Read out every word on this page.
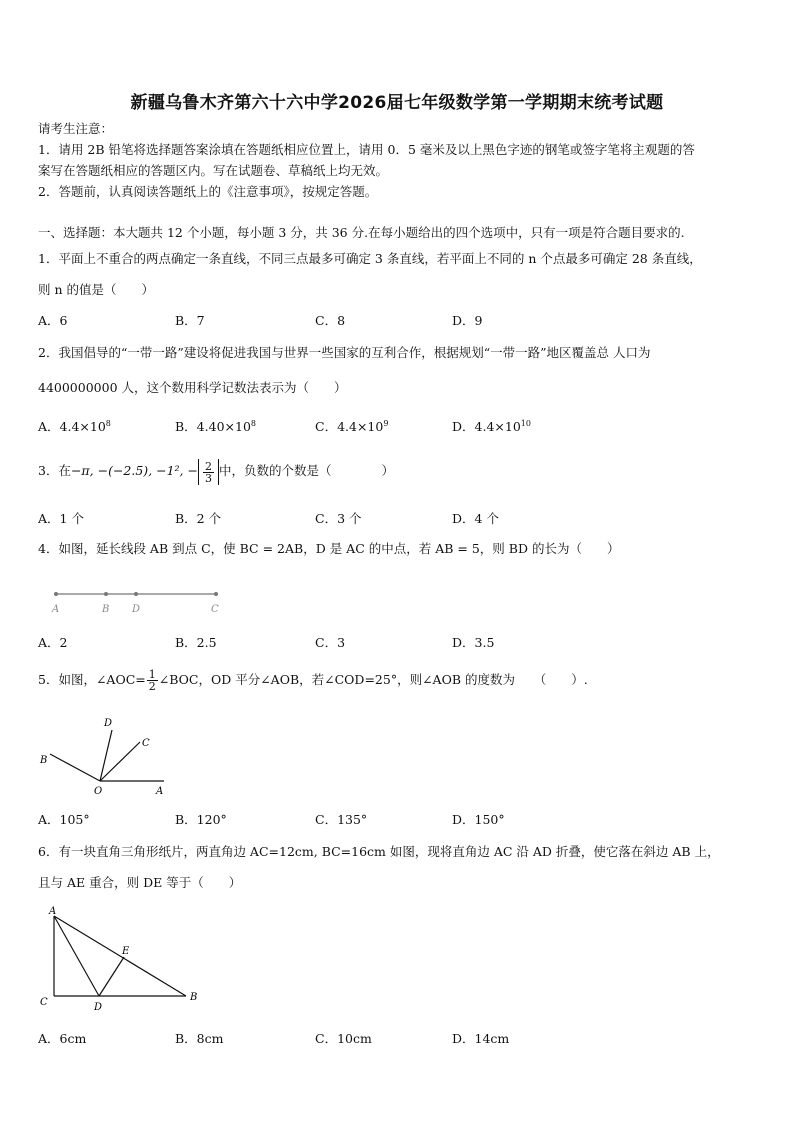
新疆乌鲁木齐第六十六中学2026届七年级数学第一学期期末统考试题
请考生注意：
1．请用 2B 铅笔将选择题答案涂填在答题纸相应位置上，请用 0．5 毫米及以上黑色字迹的钢笔或签字笔将主观题的答
案写在答题纸相应的答题区内。写在试题卷、草稿纸上均无效。
2．答题前，认真阅读答题纸上的《注意事项》，按规定答题。
一、选择题：本大题共 12 个小题，每小题 3 分，共 36 分.在每小题给出的四个选项中，只有一项是符合题目要求的.
1．平面上不重合的两点确定一条直线，不同三点最多可确定 3 条直线，若平面上不同的 n 个点最多可确定 28 条直线，
则 n 的值是（　　）
A．6	B．7	C．8	D．9
2．我国倡导的“一带一路”建设将促进我国与世界一些国家的互利合作，根据规划“一带一路”地区覆盖总 人口为
4400000000 人，这个数用科学记数法表示为（　　）
A．$4.4\times 10^8$	B．$4.40\times 10^8$	C．$4.4\times 10^9$	D．$4.4\times 10^{10}$
3．在−π, −(−2.5), −1², − $\frac{2}{3}$ 中，负数的个数是（　　　　）
A．1 个	B．2 个	C．3 个	D．4 个
4．如图，延长线段 AB 到点 C，使 BC = 2AB，D 是 AC 的中点，若 AB = 5，则 BD 的长为（　　）
A	B D	C
A．2	B．2.5	C．3	D．3.5
5．如图，∠AOC= $\frac{1}{2}$ ∠BOC，OD 平分∠AOB，若∠COD=25°，则∠AOB 的度数为　　（　　）.
D
C
B
O	A
A．105°	B．120°	C．135°	D．150°
6．有一块直角三角形纸片，两直角边 AC=12cm, BC=16cm 如图，现将直角边 AC 沿 AD 折叠，使它落在斜边 AB 上，
且与 AE 重合，则 DE 等于（　　）
A
E
C	D
B
A．6cm	B．8cm	C．10cm	D．14cm
